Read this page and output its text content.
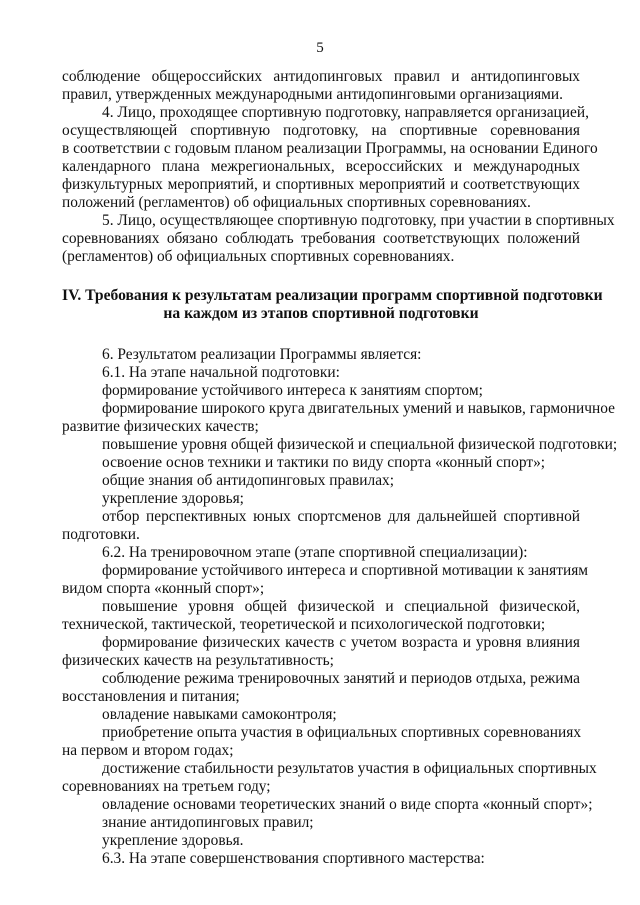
5
соблюдение общероссийских антидопинговых правил и антидопинговых
правил, утвержденных международными антидопинговыми организациями.
4. Лицо, проходящее спортивную подготовку, направляется организацией,
осуществляющей спортивную подготовку, на спортивные соревнования
в соответствии с годовым планом реализации Программы, на основании Единого
календарного плана межрегиональных, всероссийских и международных
физкультурных мероприятий, и спортивных мероприятий и соответствующих
положений (регламентов) об официальных спортивных соревнованиях.
5. Лицо, осуществляющее спортивную подготовку, при участии в спортивных
соревнованиях обязано соблюдать требования соответствующих положений
(регламентов) об официальных спортивных соревнованиях.
IV. Требования к результатам реализации программ спортивной подготовки
на каждом из этапов спортивной подготовки
6. Результатом реализации Программы является:
6.1. На этапе начальной подготовки:
формирование устойчивого интереса к занятиям спортом;
формирование широкого круга двигательных умений и навыков, гармоничное
развитие физических качеств;
повышение уровня общей физической и специальной физической подготовки;
освоение основ техники и тактики по виду спорта «конный спорт»;
общие знания об антидопинговых правилах;
укрепление здоровья;
отбор перспективных юных спортсменов для дальнейшей спортивной
подготовки.
6.2. На тренировочном этапе (этапе спортивной специализации):
формирование устойчивого интереса и спортивной мотивации к занятиям
видом спорта «конный спорт»;
повышение уровня общей физической и специальной физической,
технической, тактической, теоретической и психологической подготовки;
формирование физических качеств с учетом возраста и уровня влияния
физических качеств на результативность;
соблюдение режима тренировочных занятий и периодов отдыха, режима
восстановления и питания;
овладение навыками самоконтроля;
приобретение опыта участия в официальных спортивных соревнованиях
на первом и втором годах;
достижение стабильности результатов участия в официальных спортивных
соревнованиях на третьем году;
овладение основами теоретических знаний о виде спорта «конный спорт»;
знание антидопинговых правил;
укрепление здоровья.
6.3. На этапе совершенствования спортивного мастерства:
